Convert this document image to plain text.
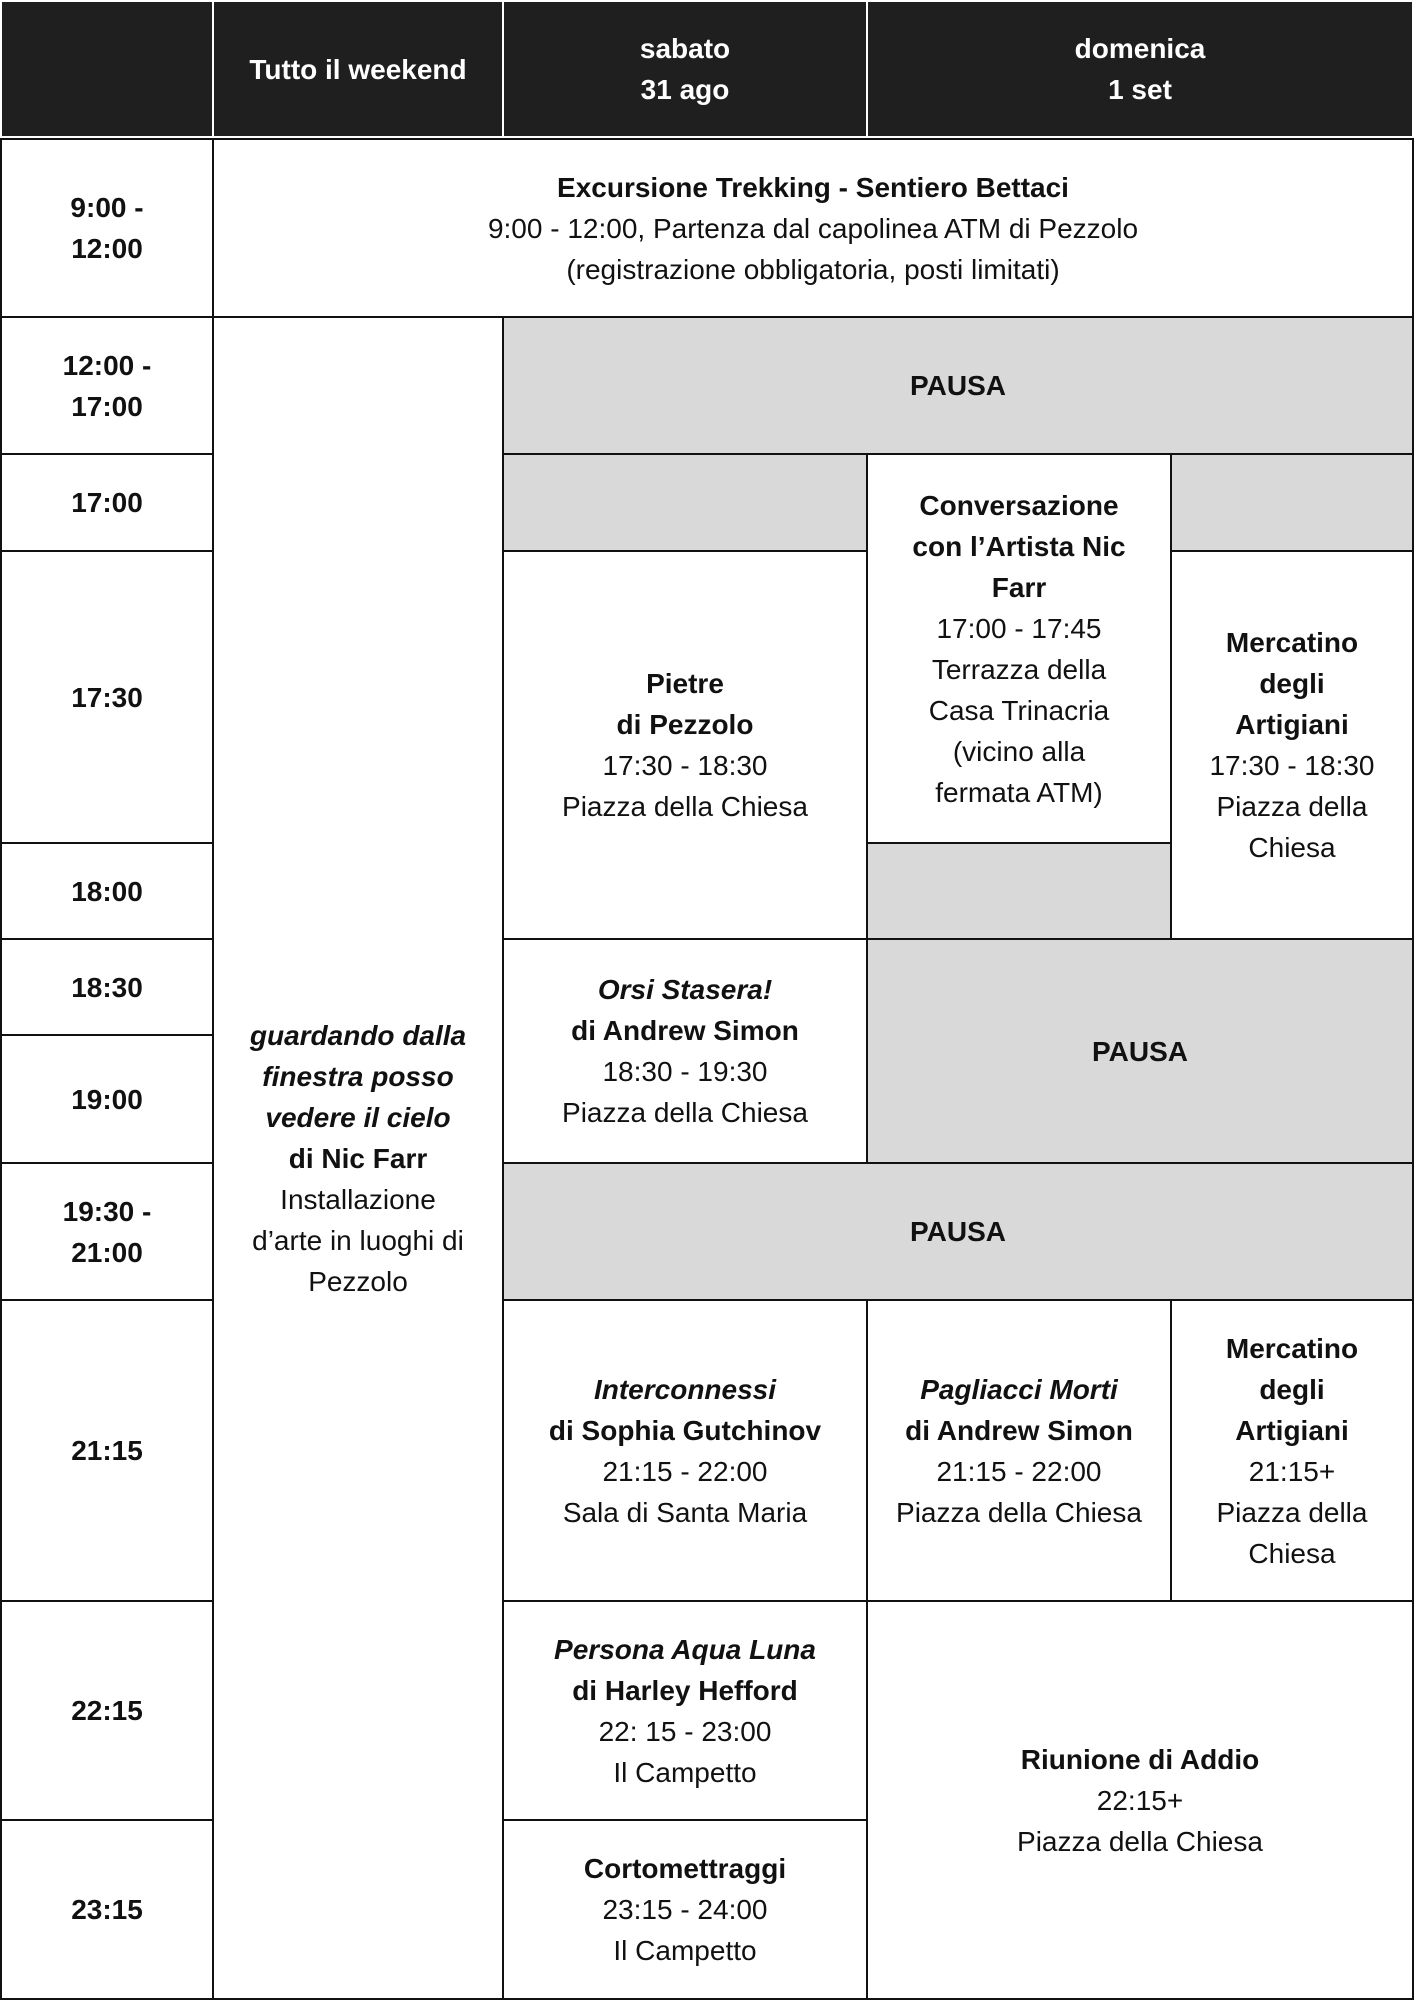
Tutto il weekend
sabato
31 ago
domenica
1 set
9:00 -
12:00
12:00 -
17:00
17:00
17:30
18:00
18:30
19:00
19:30 -
21:00
21:15
22:15
23:15
Excursione Trekking - Sentiero Bettaci
9:00 - 12:00, Partenza dal capolinea ATM di Pezzolo
(registrazione obbligatoria, posti limitati)
guardando dalla
finestra posso
vedere il cielo
di Nic Farr
Installazione
d’arte in luoghi di
Pezzolo
PAUSA
Conversazione
con l’Artista Nic
Farr
17:00 - 17:45
Terrazza della
Casa Trinacria
(vicino alla
fermata ATM)
Pietre
di Pezzolo
17:30 - 18:30
Piazza della Chiesa
Mercatino
degli
Artigiani
17:30 - 18:30
Piazza della
Chiesa
Orsi Stasera!
di Andrew Simon
18:30 - 19:30
Piazza della Chiesa
PAUSA
PAUSA
Interconnessi
di Sophia Gutchinov
21:15 - 22:00
Sala di Santa Maria
Pagliacci Morti
di Andrew Simon
21:15 - 22:00
Piazza della Chiesa
Mercatino
degli
Artigiani
21:15+
Piazza della
Chiesa
Persona Aqua Luna
di Harley Hefford
22: 15 - 23:00
Il Campetto	Riunione di Addio
22:15+
Piazza della Chiesa
Cortomettraggi
23:15 - 24:00
Il Campetto
